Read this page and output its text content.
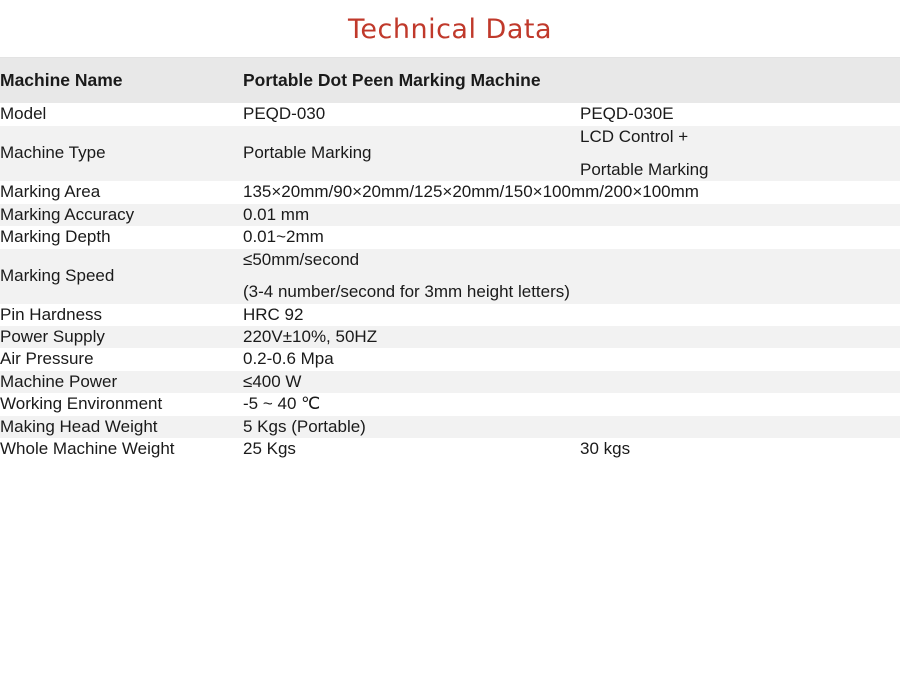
Technical Data
Machine Name	Portable Dot Peen Marking Machine	
Model	PEQD-030	PEQD-030E
Machine Type	Portable Marking	LCD Control +
Portable Marking

Marking Area	135×20mm/90×20mm/125×20mm/150×100mm/200×100mm	
Marking Accuracy	0.01 mm	
Marking Depth	0.01~2mm	
Marking Speed	≤50mm/second
(3-4 number/second for 3mm height letters)	

Pin Hardness	HRC 92	
Power Supply	220V±10%, 50HZ	
Air Pressure	0.2-0.6 Mpa	
Machine Power	≤400 W	
Working Environment	-5 ~ 40 ℃	
Making Head Weight	5 Kgs (Portable)	
Whole Machine Weight	25 Kgs	30 kgs
